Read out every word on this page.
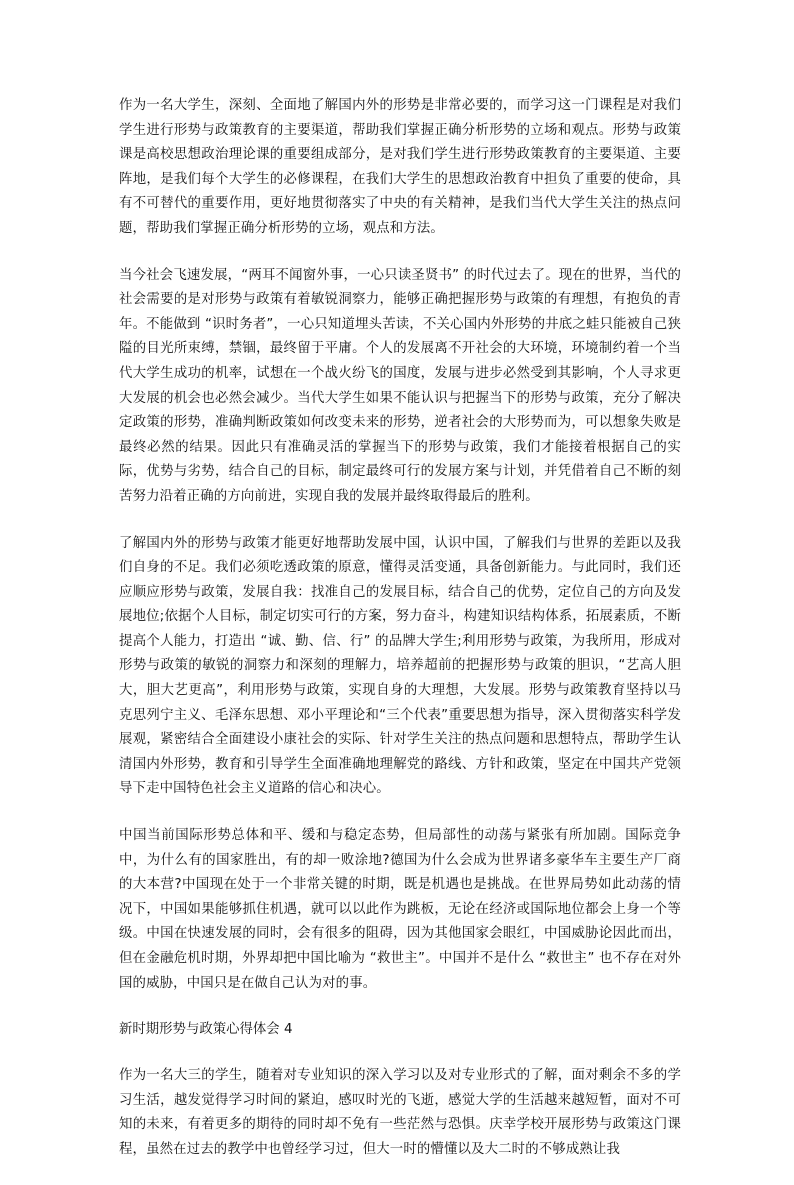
作为一名大学生，深刻、全面地了解国内外的形势是非常必要的，而学习这一门课程是对我们学生进行形势与政策教育的主要渠道，帮助我们掌握正确分析形势的立场和观点。形势与政策课是高校思想政治理论课的重要组成部分，是对我们学生进行形势政策教育的主要渠道、主要阵地，是我们每个大学生的必修课程，在我们大学生的思想政治教育中担负了重要的使命，具有不可替代的重要作用，更好地贯彻落实了中央的有关精神，是我们当代大学生关注的热点问题，帮助我们掌握正确分析形势的立场，观点和方法。

当今社会飞速发展，“两耳不闻窗外事，一心只读圣贤书” 的时代过去了。现在的世界，当代的社会需要的是对形势与政策有着敏锐洞察力，能够正确把握形势与政策的有理想，有抱负的青年。不能做到 “识时务者”，一心只知道埋头苦读，不关心国内外形势的井底之蛙只能被自己狭隘的目光所束缚，禁锢，最终留于平庸。个人的发展离不开社会的大环境，环境制约着一个当代大学生成功的机率，试想在一个战火纷飞的国度，发展与进步必然受到其影响，个人寻求更大发展的机会也必然会减少。当代大学生如果不能认识与把握当下的形势与政策，充分了解决定政策的形势，准确判断政策如何改变未来的形势，逆者社会的大形势而为，可以想象失败是最终必然的结果。因此只有准确灵活的掌握当下的形势与政策，我们才能接着根据自己的实际，优势与劣势，结合自己的目标，制定最终可行的发展方案与计划，并凭借着自己不断的刻苦努力沿着正确的方向前进，实现自我的发展并最终取得最后的胜利。

了解国内外的形势与政策才能更好地帮助发展中国，认识中国，了解我们与世界的差距以及我们自身的不足。我们必须吃透政策的原意，懂得灵活变通，具备创新能力。与此同时，我们还应顺应形势与政策，发展自我：找准自己的发展目标，结合自己的优势，定位自己的方向及发展地位;依据个人目标，制定切实可行的方案，努力奋斗，构建知识结构体系，拓展素质，不断提高个人能力，打造出 “诚、勤、信、行” 的品牌大学生;利用形势与政策，为我所用，形成对形势与政策的敏锐的洞察力和深刻的理解力，培养超前的把握形势与政策的胆识，“艺高人胆大，胆大艺更高”，利用形势与政策，实现自身的大理想，大发展。形势与政策教育坚持以马克思列宁主义、毛泽东思想、邓小平理论和“三个代表”重要思想为指导，深入贯彻落实科学发展观，紧密结合全面建设小康社会的实际、针对学生关注的热点问题和思想特点，帮助学生认清国内外形势，教育和引导学生全面准确地理解党的路线、方针和政策，坚定在中国共产党领导下走中国特色社会主义道路的信心和决心。

中国当前国际形势总体和平、缓和与稳定态势，但局部性的动荡与紧张有所加剧。国际竞争中，为什么有的国家胜出，有的却一败涂地?德国为什么会成为世界诸多豪华车主要生产厂商的大本营?中国现在处于一个非常关键的时期，既是机遇也是挑战。在世界局势如此动荡的情况下，中国如果能够抓住机遇，就可以以此作为跳板，无论在经济或国际地位都会上身一个等级。中国在快速发展的同时，会有很多的阻碍，因为其他国家会眼红，中国威胁论因此而出，但在金融危机时期，外界却把中国比喻为 “救世主”。中国并不是什么 “救世主” 也不存在对外国的威胁，中国只是在做自己认为对的事。

新时期形势与政策心得体会 4

作为一名大三的学生，随着对专业知识的深入学习以及对专业形式的了解，面对剩余不多的学习生活，越发觉得学习时间的紧迫，感叹时光的飞逝，感觉大学的生活越来越短暂，面对不可知的未来，有着更多的期待的同时却不免有一些茫然与恐惧。庆幸学校开展形势与政策这门课程，虽然在过去的教学中也曾经学习过，但大一时的懵懂以及大二时的不够成熟让我
